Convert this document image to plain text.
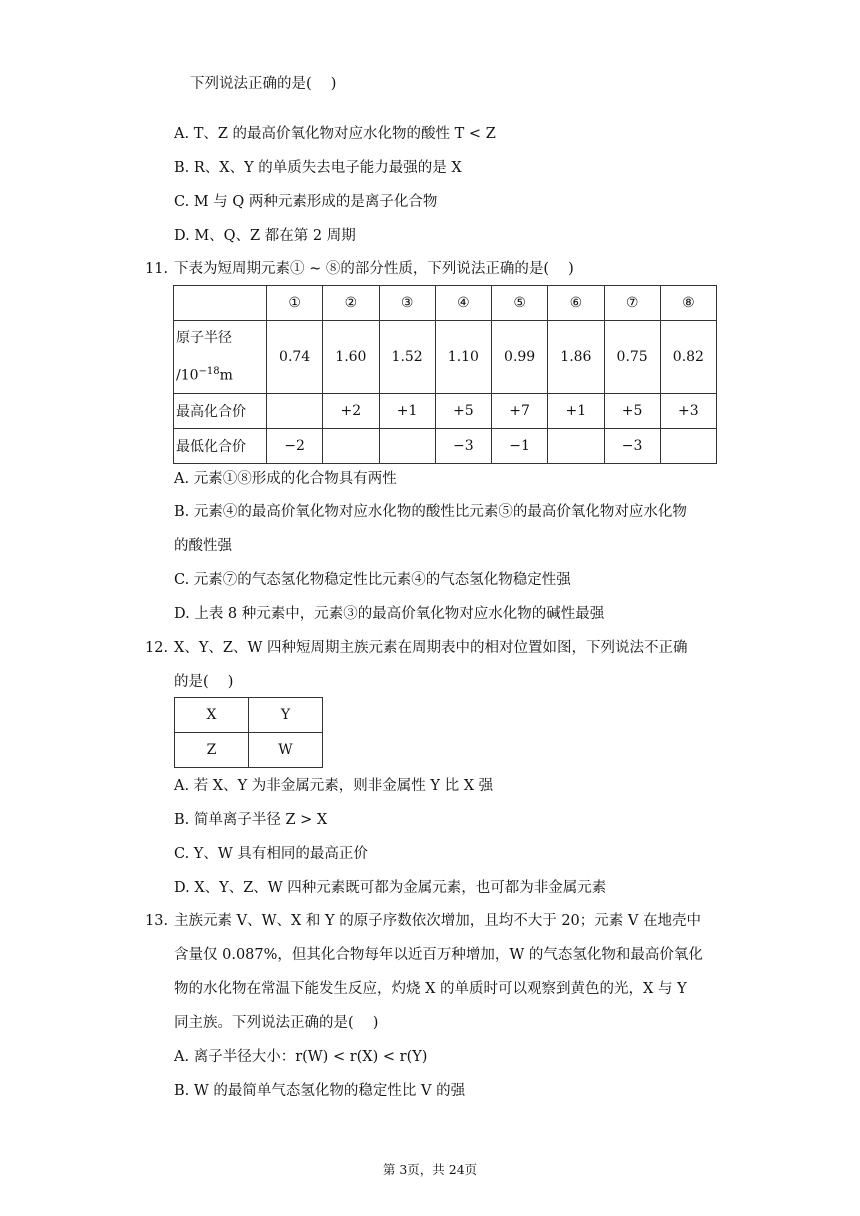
下列说法正确的是(  )
A. T、Z 的最高价氧化物对应水化物的酸性 T < Z
B. R、X、Y 的单质失去电子能力最强的是 X
C. M 与 Q 两种元素形成的是离子化合物
D. M、Q、Z 都在第 2 周期
11. 下表为短周期元素① ~ ⑧的部分性质，下列说法正确的是(  )
	①	②	③	④	⑤	⑥	⑦	⑧

原子半径
$/10^{-18}m$	0.74	1.60	1.52	1.10	0.99	1.86	0.75	0.82
最高化合价		+2	+1	+5	+7	+1	+5	+3
最低化合价	−2			−3	−1		−3	
A. 元素①⑧形成的化合物具有两性
B. 元素④的最高价氧化物对应水化物的酸性比元素⑤的最高价氧化物对应水化物
的酸性强
C. 元素⑦的气态氢化物稳定性比元素④的气态氢化物稳定性强
D. 上表 8 种元素中，元素③的最高价氧化物对应水化物的碱性最强
12. X、Y、Z、W 四种短周期主族元素在周期表中的相对位置如图，下列说法不正确
的是(  )
X	Y
Z	W
A. 若 X、Y 为非金属元素，则非金属性 Y 比 X 强
B. 简单离子半径 Z > X
C. Y、W 具有相同的最高正价
D. X、Y、Z、W 四种元素既可都为金属元素，也可都为非金属元素
13. 主族元素 V、W、X 和 Y 的原子序数依次增加，且均不大于 20；元素 V 在地壳中
含量仅 0.087%，但其化合物每年以近百万种增加，W 的气态氢化物和最高价氧化
物的水化物在常温下能发生反应，灼烧 X 的单质时可以观察到黄色的光，X 与 Y
同主族。下列说法正确的是(  )
A. 离子半径大小：r(W) < r(X) < r(Y)
B. W 的最简单气态氢化物的稳定性比 V 的强
第 3页，共 24页
